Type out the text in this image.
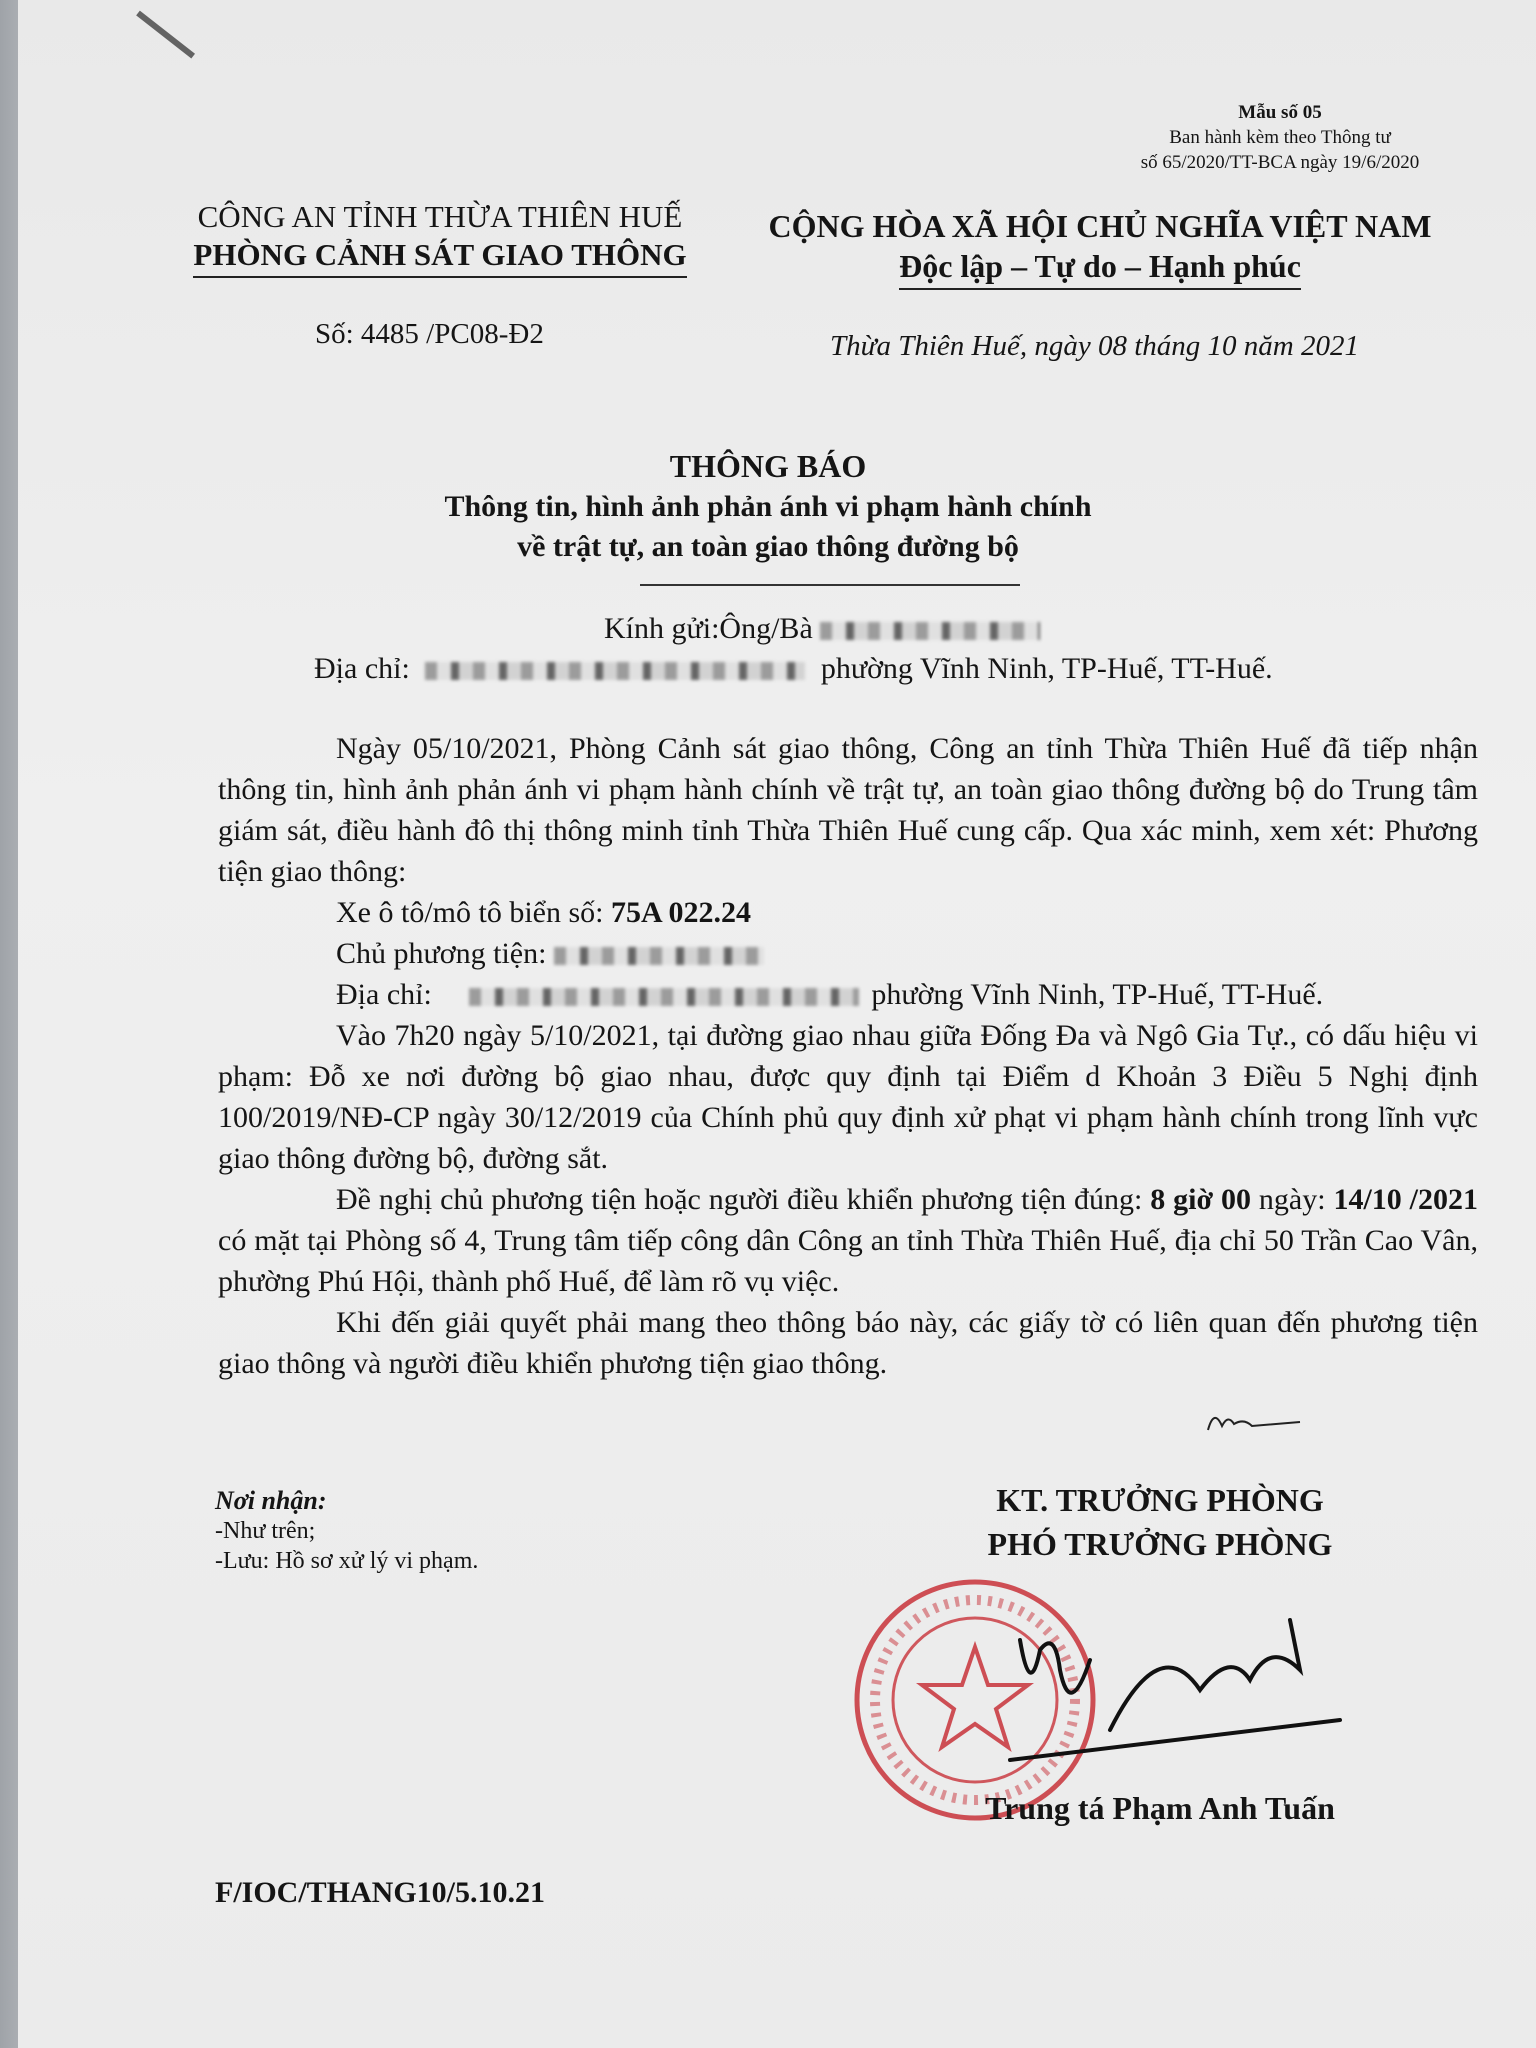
Mẫu số 05
Ban hành kèm theo Thông tư
số 65/2020/TT-BCA ngày 19/6/2020
CÔNG AN TỈNH THỪA THIÊN HUẾ
PHÒNG CẢNH SÁT GIAO THÔNG
Số: 4485 /PC08-Đ2
CỘNG HÒA XÃ HỘI CHỦ NGHĨA VIỆT NAM
Độc lập – Tự do – Hạnh phúc
Thừa Thiên Huế, ngày 08 tháng 10 năm 2021
THÔNG BÁO
Thông tin, hình ảnh phản ánh vi phạm hành chính
về trật tự, an toàn giao thông đường bộ
Kính gửi:Ông/Bà
Địa chỉ:	phường Vĩnh Ninh, TP-Huế, TT-Huế.

Ngày 05/10/2021, Phòng Cảnh sát giao thông, Công an tỉnh Thừa Thiên Huế đã tiếp nhận thông tin, hình ảnh phản ánh vi phạm hành chính về trật tự, an toàn giao thông đường bộ do Trung tâm giám sát, điều hành đô thị thông minh tỉnh Thừa Thiên Huế cung cấp. Qua xác minh, xem xét: Phương tiện giao thông:

Xe ô tô/mô tô biển số: 75A 022.24

Chủ phương tiện:

Địa chỉ:	phường Vĩnh Ninh, TP-Huế, TT-Huế.

Vào 7h20 ngày 5/10/2021, tại đường giao nhau giữa Đống Đa và Ngô Gia Tự., có dấu hiệu vi phạm: Đỗ xe nơi đường bộ giao nhau, được quy định tại Điểm d Khoản 3 Điều 5 Nghị định 100/2019/NĐ-CP ngày 30/12/2019 của Chính phủ quy định xử phạt vi phạm hành chính trong lĩnh vực giao thông đường bộ, đường sắt.

Đề nghị chủ phương tiện hoặc người điều khiển phương tiện đúng: 8 giờ 00 ngày: 14/10 /2021 có mặt tại Phòng số 4, Trung tâm tiếp công dân Công an tỉnh Thừa Thiên Huế, địa chỉ 50 Trần Cao Vân, phường Phú Hội, thành phố Huế, để làm rõ vụ việc.

Khi đến giải quyết phải mang theo thông báo này, các giấy tờ có liên quan đến phương tiện giao thông và người điều khiển phương tiện giao thông.

Nơi nhận:
-Như trên;
-Lưu: Hồ sơ xử lý vi phạm.
KT. TRƯỞNG PHÒNG
PHÓ TRƯỞNG PHÒNG
Trung tá Phạm Anh Tuấn
F/IOC/THANG10/5.10.21
